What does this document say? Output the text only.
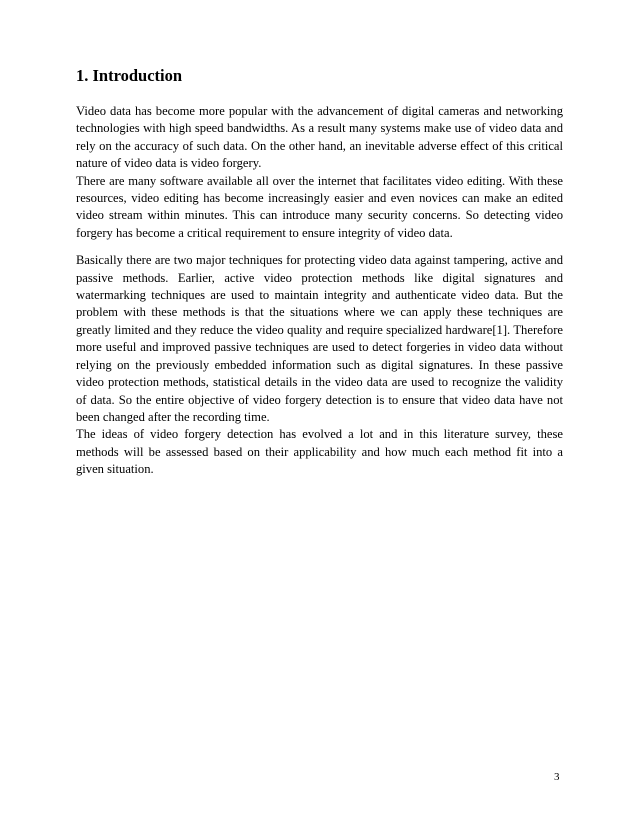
1. Introduction

Video data has become more popular with the advancement of digital cameras and networking technologies with high speed bandwidths. As a result many systems make use of video data and rely on the accuracy of such data. On the other hand, an inevitable adverse effect of this critical nature of video data is video forgery.

There are many software available all over the internet that facilitates video editing. With these resources, video editing has become increasingly easier and even novices can make an edited video stream within minutes. This can introduce many security concerns. So detecting video forgery has become a critical requirement to ensure integrity of video data.

Basically there are two major techniques for protecting video data against tampering, active and passive methods. Earlier, active video protection methods like digital signatures and watermarking techniques are used to maintain integrity and authenticate video data. But the problem with these methods is that the situations where we can apply these techniques are greatly limited and they reduce the video quality and require specialized hardware[1]. Therefore more useful and improved passive techniques are used to detect forgeries in video data without relying on the previously embedded information such as digital signatures. In these passive video protection methods, statistical details in the video data are used to recognize the validity of data. So the entire objective of video forgery detection is to ensure that video data have not been changed after the recording time.

The ideas of video forgery detection has evolved a lot and in this literature survey, these methods will be assessed based on their applicability and how much each method fit into a given situation.

3
